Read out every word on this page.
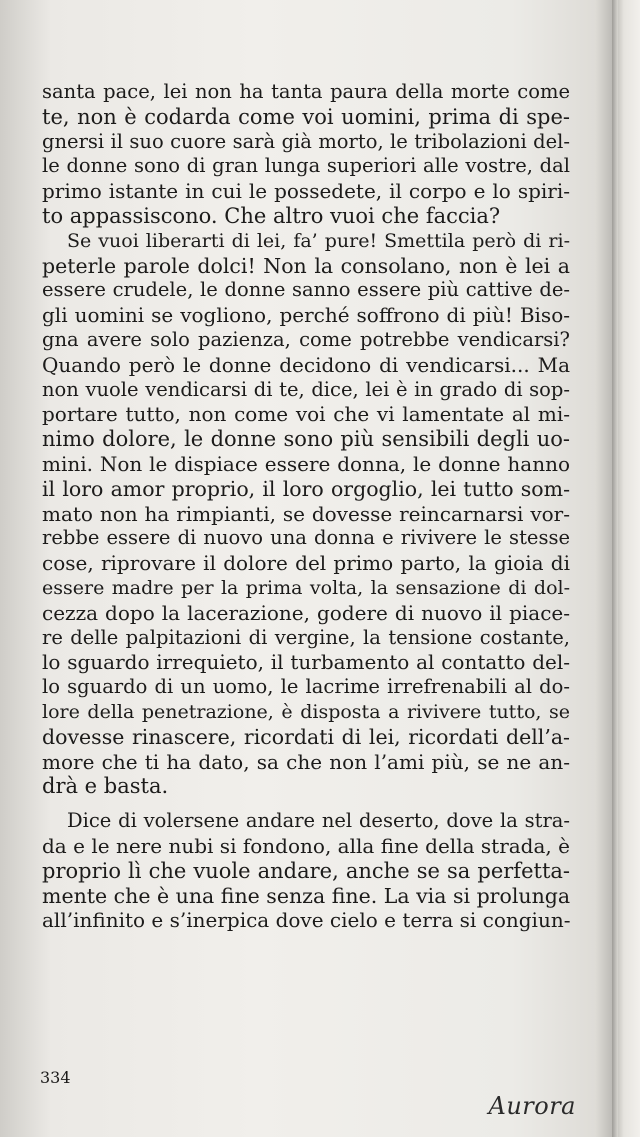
santa pace, lei non ha tanta paura della morte come
te, non è codarda come voi uomini, prima di spe-
gnersi il suo cuore sarà già morto, le tribolazioni del-
le donne sono di gran lunga superiori alle vostre, dal
primo istante in cui le possedete, il corpo e lo spiri-
to appassiscono. Che altro vuoi che faccia?
Se vuoi liberarti di lei, fa’ pure! Smettila però di ri-
peterle parole dolci! Non la consolano, non è lei a
essere crudele, le donne sanno essere più cattive de-
gli uomini se vogliono, perché soffrono di più! Biso-
gna avere solo pazienza, come potrebbe vendicarsi?
Quando però le donne decidono di vendicarsi... Ma
non vuole vendicarsi di te, dice, lei è in grado di sop-
portare tutto, non come voi che vi lamentate al mi-
nimo dolore, le donne sono più sensibili degli uo-
mini. Non le dispiace essere donna, le donne hanno
il loro amor proprio, il loro orgoglio, lei tutto som-
mato non ha rimpianti, se dovesse reincarnarsi vor-
rebbe essere di nuovo una donna e rivivere le stesse
cose, riprovare il dolore del primo parto, la gioia di
essere madre per la prima volta, la sensazione di dol-
cezza dopo la lacerazione, godere di nuovo il piace-
re delle palpitazioni di vergine, la tensione costante,
lo sguardo irrequieto, il turbamento al contatto del-
lo sguardo di un uomo, le lacrime irrefrenabili al do-
lore della penetrazione, è disposta a rivivere tutto, se
dovesse rinascere, ricordati di lei, ricordati dell’a-
more che ti ha dato, sa che non l’ami più, se ne an-
drà e basta.
Dice di volersene andare nel deserto, dove la stra-
da e le nere nubi si fondono, alla fine della strada, è
proprio lì che vuole andare, anche se sa perfetta-
mente che è una fine senza fine. La via si prolunga
all’infinito e s’inerpica dove cielo e terra si congiun-
334
Aurora
